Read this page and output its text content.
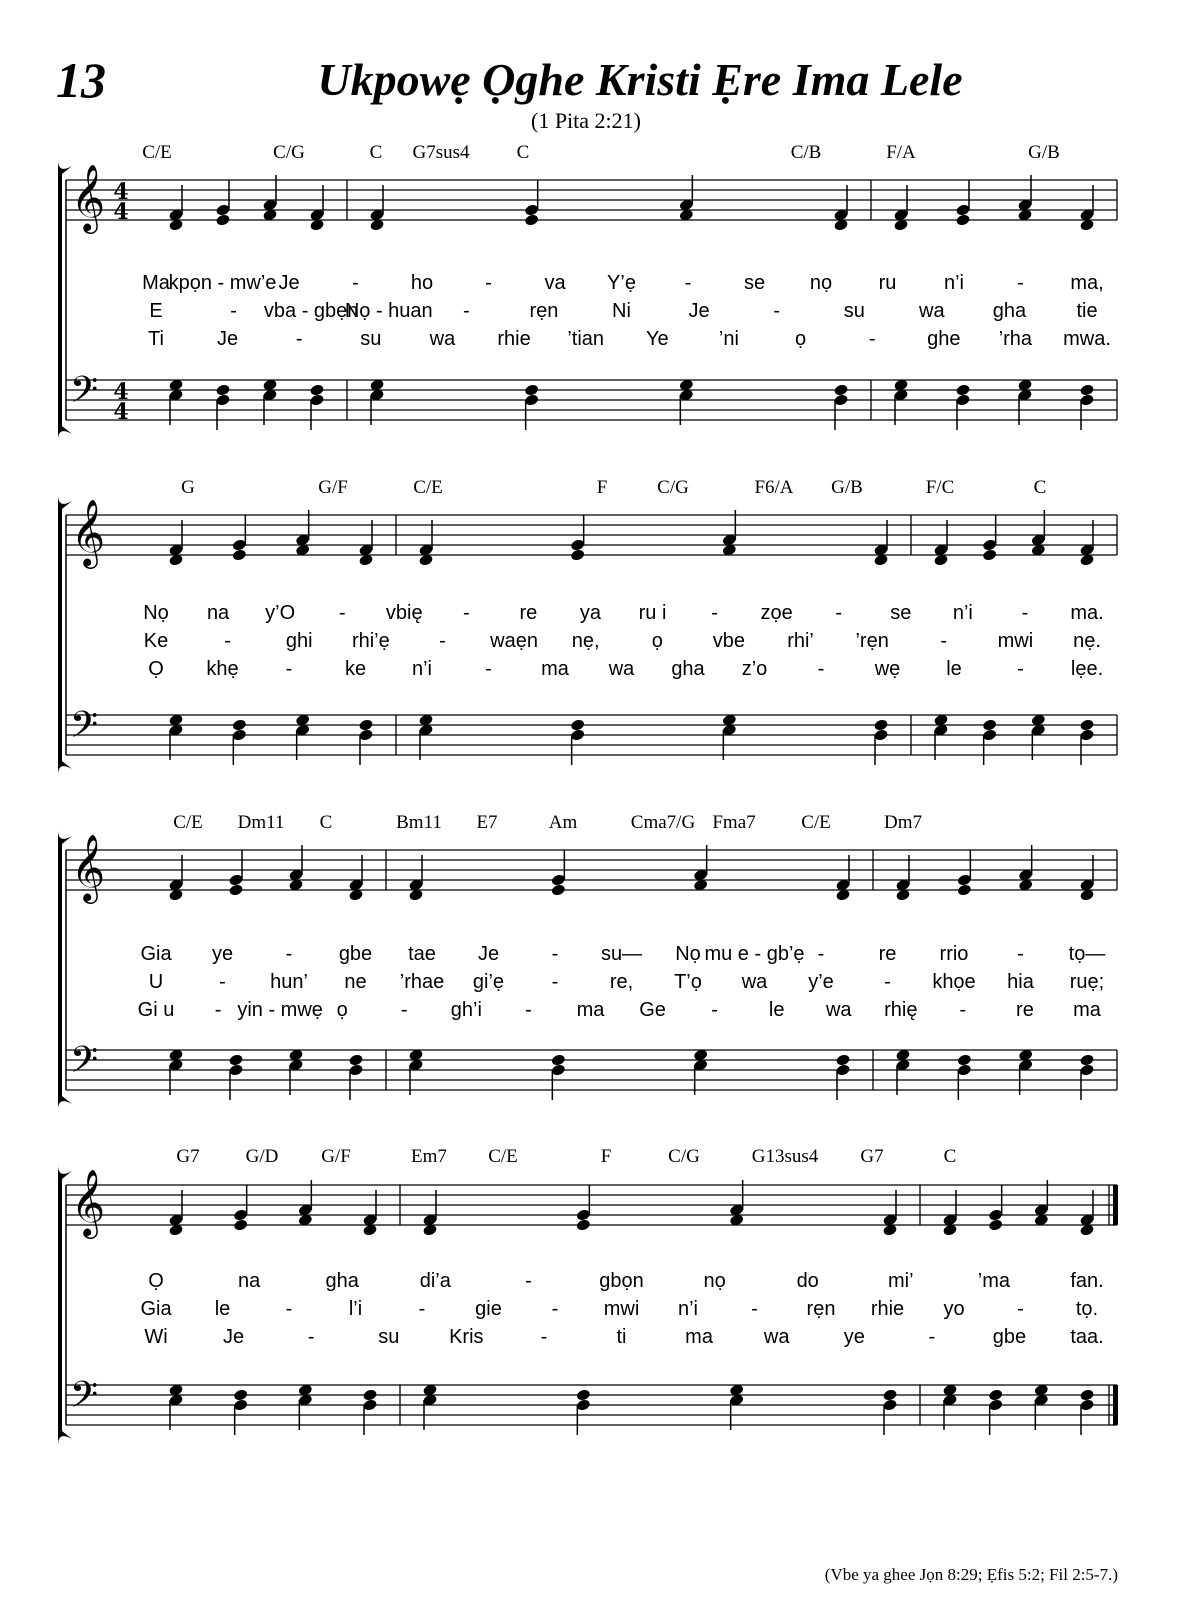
13	Ukpowẹ Ọghe Kristi Ẹre Ima Lele
(1 Pita 2:21)
𝄞
𝄢
4
4
4
4
C/E	C/G	C G7sus4 C	C/B	F/A	G/B
Ma
kpọn - mw’e Je	-	ho	-	va Y’ẹ -	se nọ ru n’i	- ma,
E	- vba - gbẹn
Nọ - huan -	rẹn	Ni	Je	-	su	wa gha	tie
Ti	Je	-	su wa rhie ’tian Ye	’ni	ọ	-	ghe ’rha mwa.
𝄞
𝄢
G	G/F	C/E	F	C/G	F6/A G/B	F/C	C
Nọ na y’O - vbię - re ya ru i - zọe - se n’i - ma.
Ke	-	ghi rhi’ẹ - waẹn nẹ,	ọ vbe rhi’ ’rẹn	-	mwi nẹ.
Ọ khẹ -	ke n’i	- ma wa gha z’o	-	wẹ le	- lẹe.
𝄞
𝄢
C/E Dm11 C	Bm11 E7	Am	Cma7/G Fma7 C/E	Dm7
Gia ye	- gbe tae Je	- su— Nọ mu e - gb’ẹ -	re rrio - tọ—
U	- hun’ ne ’rhae gi’ẹ -	re, T’ọ wa y’e	- khọe hia ruẹ;
Gi u - yin - mwẹ ọ	- gh’i - ma Ge -	le wa rhię - re ma
𝄞
𝄢
G7 G/D G/F	Em7 C/E	F	C/G	G13sus4 G7	C
Ọ	na	gha	di’a	-	gbọn	nọ	do	mi’	’ma	fan.
Gia le	-	l’i	- gie - mwi n’i	- rẹn rhie yo	-	tọ.
Wi	Je	-	su Kris	-	ti	ma	wa	ye	-	gbe taa.
(Vbe ya ghee Jọn 8:29; Ẹfis 5:2; Fil 2:5-7.)
